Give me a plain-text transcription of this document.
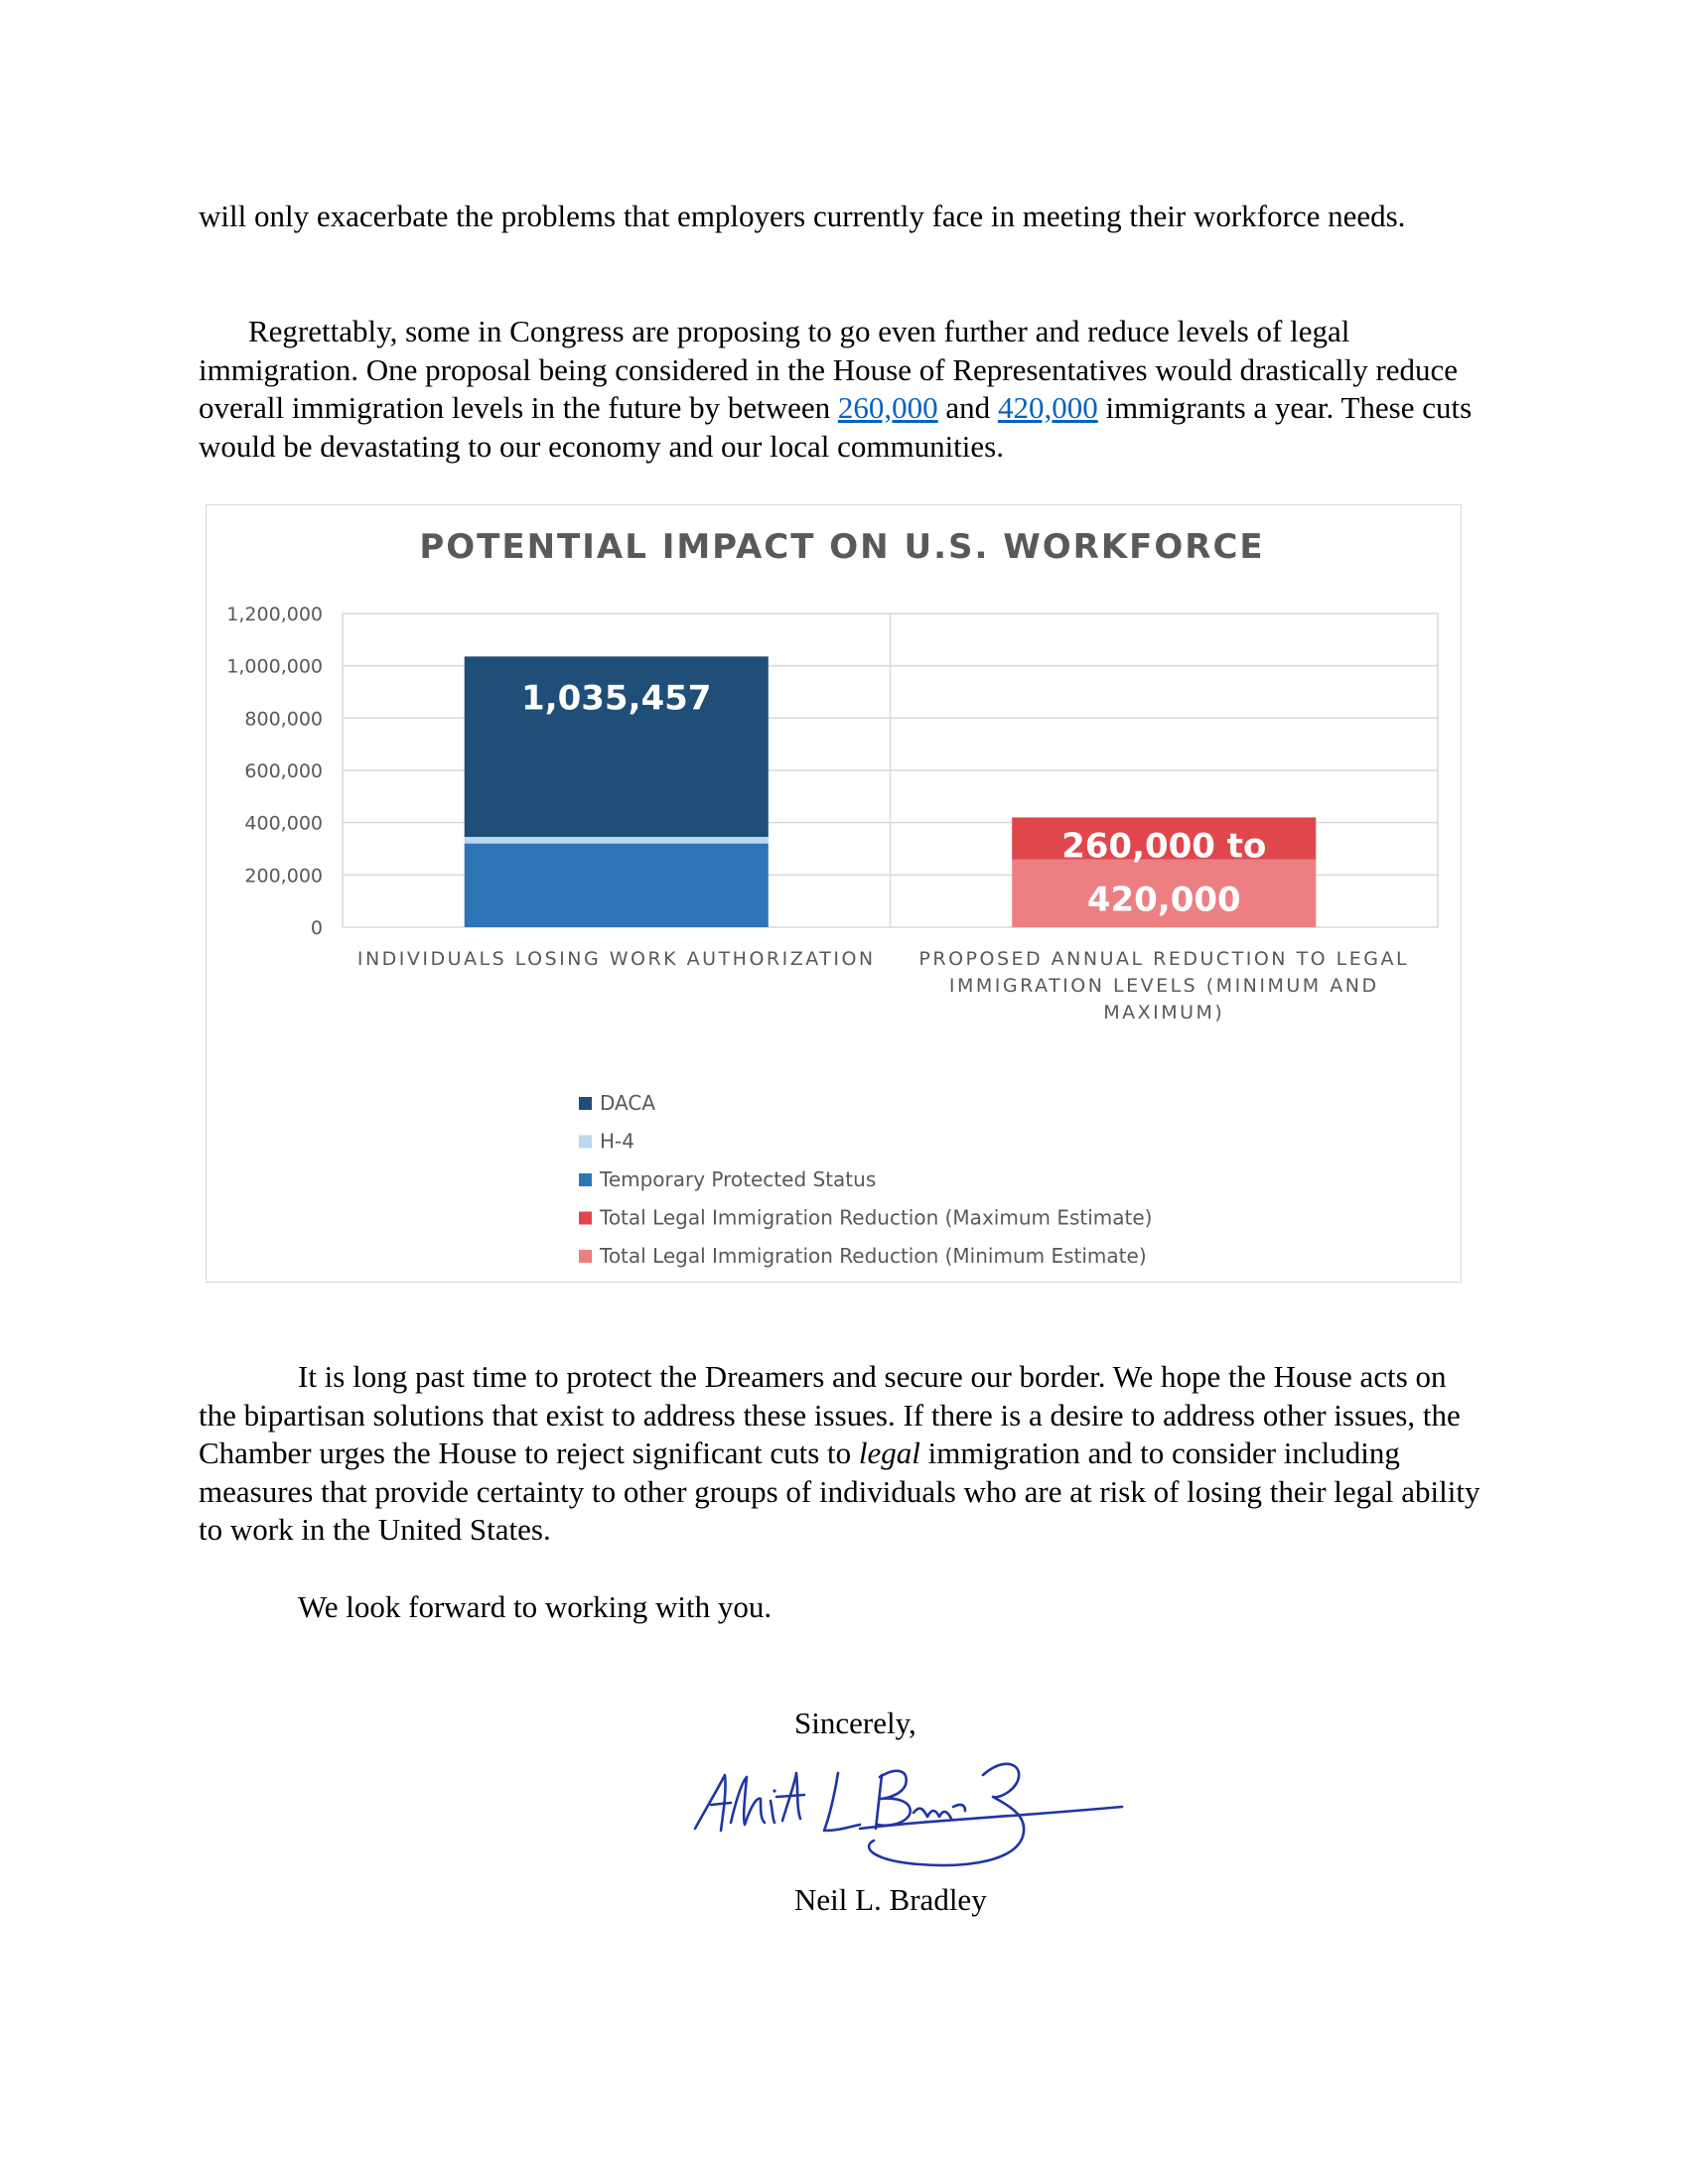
will only exacerbate the problems that employers currently face in meeting their workforce needs.

Regrettably, some in Congress are proposing to go even further and reduce levels of legal immigration. One proposal being considered in the House of Representatives would drastically reduce overall immigration levels in the future by between 260,000 and 420,000 immigrants a year. These cuts would be devastating to our economy and our local communities.

POTENTIAL IMPACT ON U.S. WORKFORCE
0
200,000
400,000
600,000
800,000
1,000,000
1,200,000
1,035,457
260,000 to
420,000
INDIVIDUALS LOSING WORK AUTHORIZATION PROPOSED ANNUAL REDUCTION TO LEGAL IMMIGRATION LEVELS (MINIMUM AND MAXIMUM)
DACA
H-4
Temporary Protected Status
Total Legal Immigration Reduction (Maximum Estimate)
Total Legal Immigration Reduction (Minimum Estimate)

It is long past time to protect the Dreamers and secure our border. We hope the House acts on the bipartisan solutions that exist to address these issues. If there is a desire to address other issues, the Chamber urges the House to reject significant cuts to legal immigration and to consider including measures that provide certainty to other groups of individuals who are at risk of losing their legal ability to work in the United States.

We look forward to working with you.

Sincerely,
Neil L. Bradley
